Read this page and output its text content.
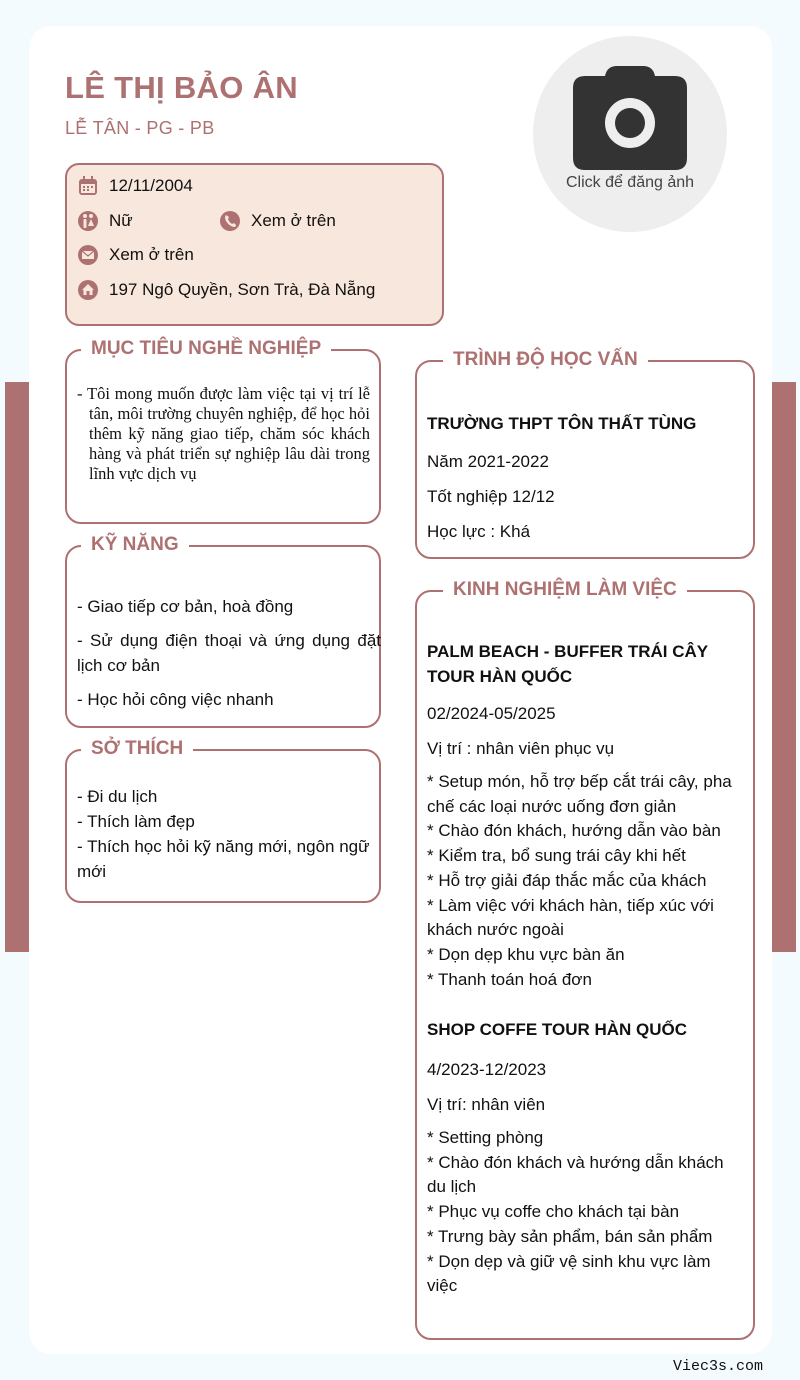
LÊ THỊ BẢO ÂN
LỄ TÂN - PG - PB
Click để đăng ảnh
12/11/2004
Nữ	Xem ở trên
Xem ở trên
197 Ngô Quyền, Sơn Trà, Đà Nẵng
MỤC TIÊU NGHỀ NGHIỆP
- Tôi mong muốn được làm việc tại vị trí lễ tân, môi trường chuyên nghiệp, để học hỏi thêm kỹ năng giao tiếp, chăm sóc khách hàng và phát triển sự nghiệp lâu dài trong lĩnh vực dịch vụ
KỸ NĂNG
- Giao tiếp cơ bản, hoà đồng
- Sử dụng điện thoại và ứng dụng đặt lịch cơ bản
- Học hỏi công việc nhanh
SỞ THÍCH
- Đi du lịch
- Thích làm đẹp
- Thích học hỏi kỹ năng mới, ngôn ngữ mới
TRÌNH ĐỘ HỌC VẤN
TRƯỜNG THPT TÔN THẤT TÙNG
Năm 2021-2022
Tốt nghiệp 12/12
Học lực : Khá
KINH NGHIỆM LÀM VIỆC
PALM BEACH - BUFFER TRÁI CÂY TOUR HÀN QUỐC
02/2024-05/2025
Vị trí : nhân viên phục vụ
* Setup món, hỗ trợ bếp cắt trái cây, pha chế các loại nước uống đơn giản
* Chào đón khách, hướng dẫn vào bàn
* Kiểm tra, bổ sung trái cây khi hết
* Hỗ trợ giải đáp thắc mắc của khách
* Làm việc với khách hàn, tiếp xúc với khách nước ngoài
* Dọn dẹp khu vực bàn ăn
* Thanh toán hoá đơn
SHOP COFFE TOUR HÀN QUỐC
4/2023-12/2023
Vị trí: nhân viên
* Setting phòng
* Chào đón khách và hướng dẫn khách du lịch
* Phục vụ coffe cho khách tại bàn
* Trưng bày sản phẩm, bán sản phẩm
* Dọn dẹp và giữ vệ sinh khu vực làm việc
Viec3s.com
